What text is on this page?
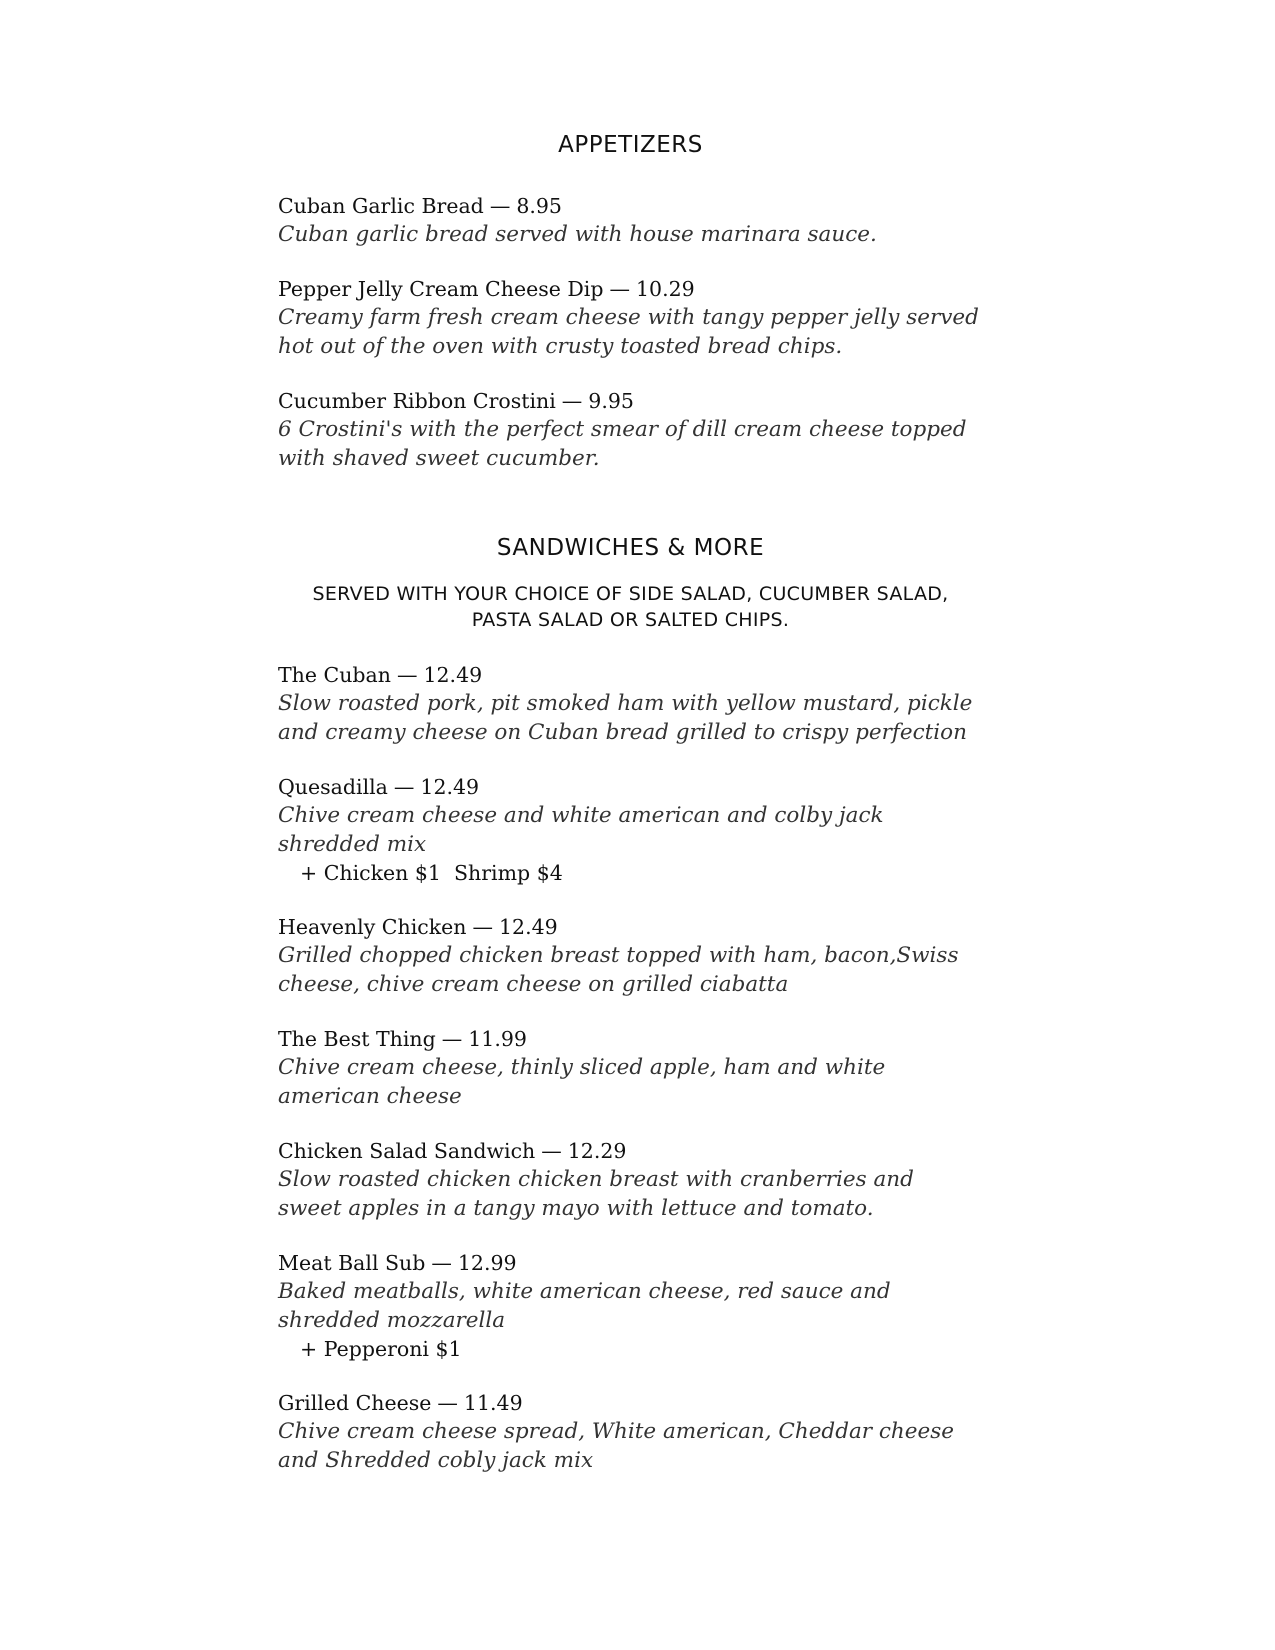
APPETIZERS
Cuban Garlic Bread — 8.95
Cuban garlic bread served with house marinara sauce.
Pepper Jelly Cream Cheese Dip — 10.29
Creamy farm fresh cream cheese with tangy pepper jelly served hot out of the oven with crusty toasted bread chips.
Cucumber Ribbon Crostini — 9.95
6 Crostini's with the perfect smear of dill cream cheese topped with shaved sweet cucumber.
SANDWICHES & MORE
SERVED WITH YOUR CHOICE OF SIDE SALAD, CUCUMBER SALAD,
PASTA SALAD OR SALTED CHIPS.
The Cuban — 12.49
Slow roasted pork, pit smoked ham with yellow mustard, pickle and creamy cheese on Cuban bread grilled to crispy perfection
Quesadilla — 12.49
Chive cream cheese and white american and colby jack shredded mix
+ Chicken $1  Shrimp $4
Heavenly Chicken — 12.49
Grilled chopped chicken breast topped with ham, bacon,Swiss cheese, chive cream cheese on grilled ciabatta
The Best Thing — 11.99
Chive cream cheese, thinly sliced apple, ham and white american cheese
Chicken Salad Sandwich — 12.29
Slow roasted chicken chicken breast with cranberries and sweet apples in a tangy mayo with lettuce and tomato.
Meat Ball Sub — 12.99
Baked meatballs, white american cheese, red sauce and shredded mozzarella
+ Pepperoni $1
Grilled Cheese — 11.49
Chive cream cheese spread, White american, Cheddar cheese and Shredded cobly jack mix
